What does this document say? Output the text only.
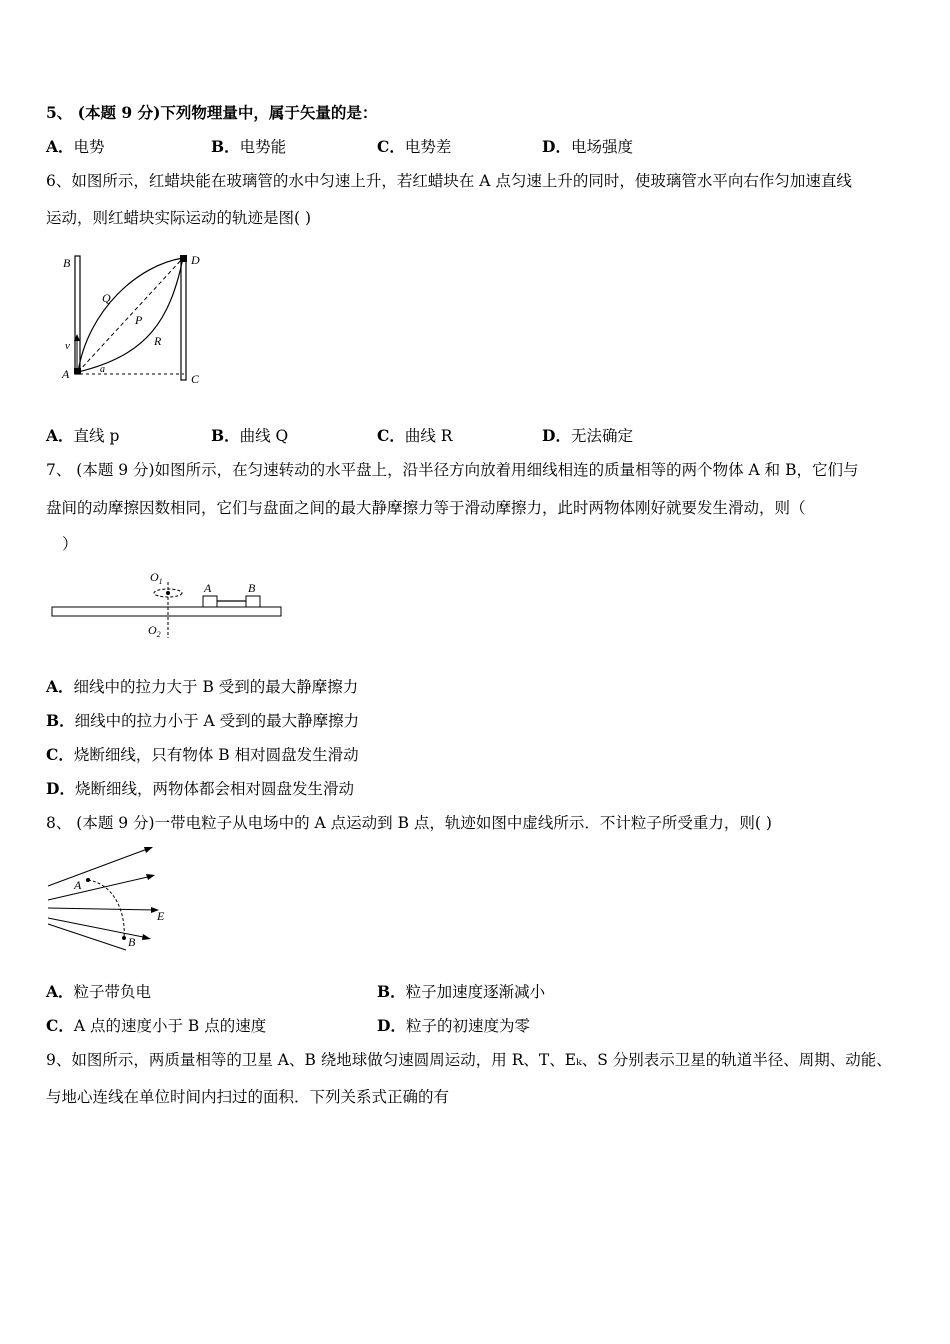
5、 (本题 9 分)下列物理量中，属于矢量的是：
A．电势	B．电势能	C．电势差	D．电场强度
6、如图所示，红蜡块能在玻璃管的水中匀速上升，若红蜡块在 A 点匀速上升的同时，使玻璃管水平向右作匀加速直线
运动，则红蜡块实际运动的轨迹是图( )
B	D
Q
P
R
v
A	a
C
A．直线 p	B．曲线 Q	C．曲线 R	D．无法确定
7、 (本题 9 分)如图所示，在匀速转动的水平盘上，沿半径方向放着用细线相连的质量相等的两个物体 A 和 B，它们与
盘间的动摩擦因数相同，它们与盘面之间的最大静摩擦力等于滑动摩擦力，此时两物体刚好就要发生滑动，则（
）
$O_1$
$O_2$
A	B
A．细线中的拉力大于 B 受到的最大静摩擦力
B．细线中的拉力小于 A 受到的最大静摩擦力
C．烧断细线，只有物体 B 相对圆盘发生滑动
D．烧断细线，两物体都会相对圆盘发生滑动
8、 (本题 9 分)一带电粒子从电场中的 A 点运动到 B 点，轨迹如图中虚线所示．不计粒子所受重力，则( )
A
B
E
A．粒子带负电	B．粒子加速度逐渐减小
C．A 点的速度小于 B 点的速度	D．粒子的初速度为零
9、如图所示，两质量相等的卫星 A、B 绕地球做匀速圆周运动，用 R、T、Eₖ、S 分别表示卫星的轨道半径、周期、动能、
与地心连线在单位时间内扫过的面积．下列关系式正确的有
